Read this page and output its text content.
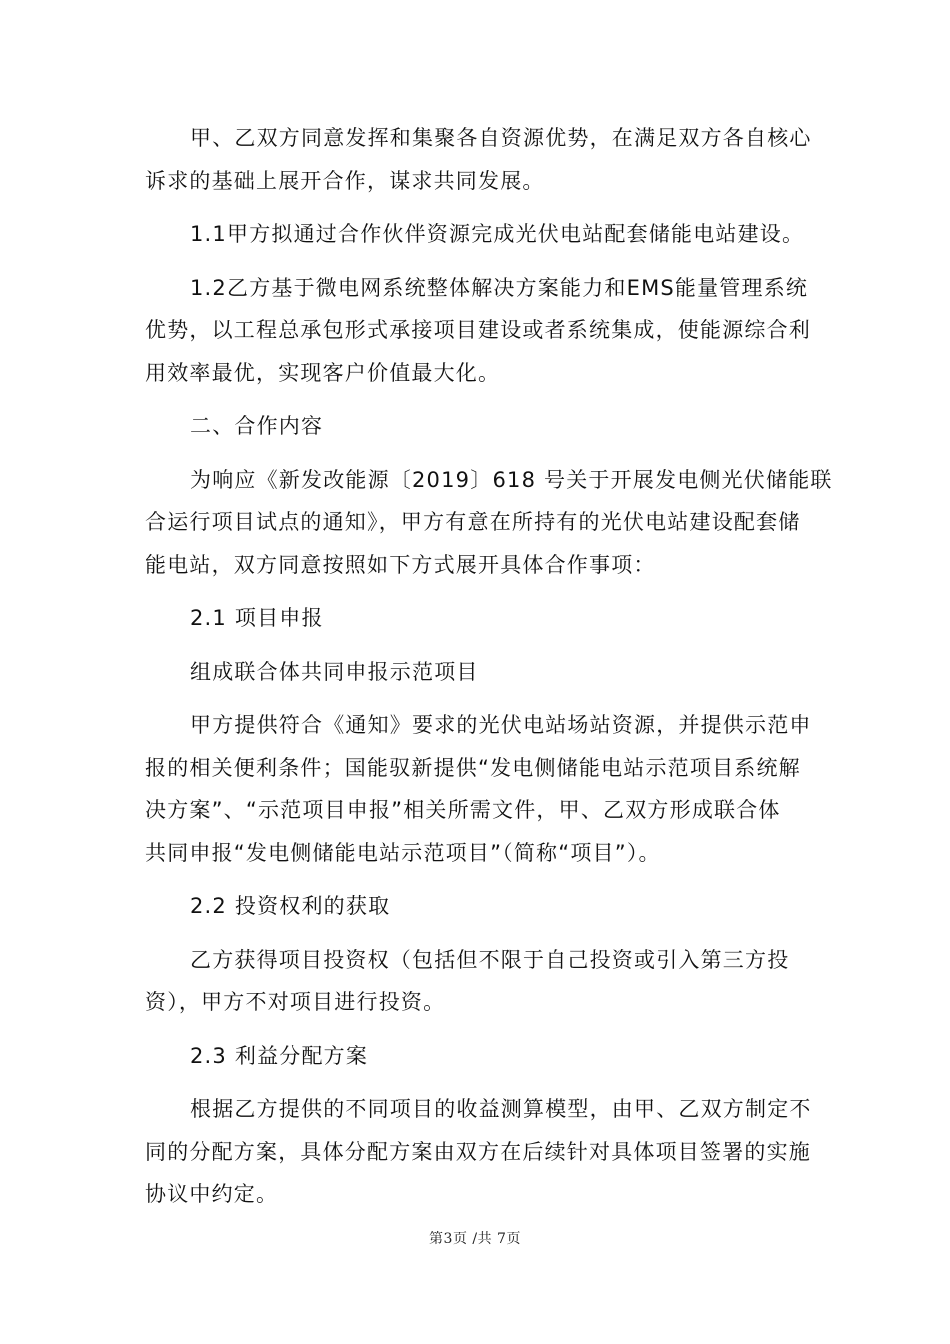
甲、乙双方同意发挥和集聚各自资源优势，在满足双方各自核心
诉求的基础上展开合作，谋求共同发展。
1.1甲方拟通过合作伙伴资源完成光伏电站配套储能电站建设。
1.2乙方基于微电网系统整体解决方案能力和EMS能量管理系统
优势，以工程总承包形式承接项目建设或者系统集成，使能源综合利
用效率最优，实现客户价值最大化。
二、合作内容
为响应《新发改能源〔2019〕618 号关于开展发电侧光伏储能联
合运行项目试点的通知》，甲方有意在所持有的光伏电站建设配套储
能电站，双方同意按照如下方式展开具体合作事项：
2.1 项目申报
组成联合体共同申报示范项目
甲方提供符合《通知》要求的光伏电站场站资源，并提供示范申
报的相关便利条件；国能驭新提供“发电侧储能电站示范项目系统解
决方案”、“示范项目申报”相关所需文件，甲、乙双方形成联合体
共同申报“发电侧储能电站示范项目”（简称“项目”）。
2.2 投资权利的获取
乙方获得项目投资权（包括但不限于自己投资或引入第三方投
资），甲方不对项目进行投资。
2.3 利益分配方案
根据乙方提供的不同项目的收益测算模型，由甲、乙双方制定不
同的分配方案，具体分配方案由双方在后续针对具体项目签署的实施
协议中约定。
第3页 /共 7页
